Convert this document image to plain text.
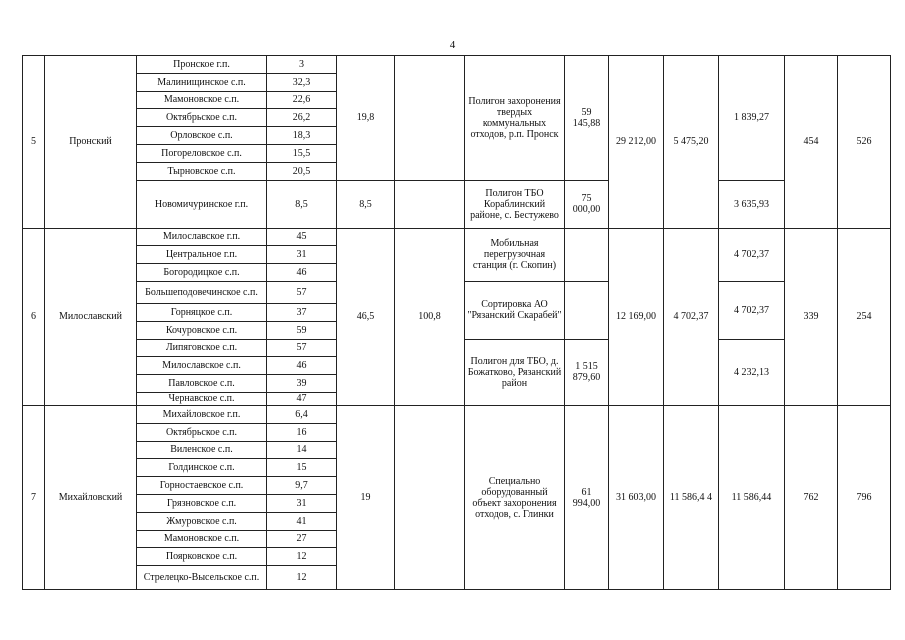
4
5	Пронский	Пронское г.п.	3	19,8		Полигон захоронения твердых коммунальных отходов, р.п. Пронск	59 145,88	29 212,00	5 475,20	1 839,27	454	526
		Малинищинское с.п.	32,3									
		Мамоновское с.п.	22,6									
		Октябрьское с.п.	26,2									
		Орловское с.п.	18,3									
		Погореловское с.п.	15,5									
		Тырновское с.п.	20,5									
		Новомичуринское г.п.	8,5	8,5		Полигон ТБО Кораблинский районе, с. Бестужево	75 000,00			3 635,93		
6	Милославский	Милославское г.п.	45	46,5	100,8	Мобильная перегрузочная станция (г. Скопин)		12 169,00	4 702,37	4 702,37	339	254
		Центральное г.п.	31									
		Богородицкое с.п.	46									
		Большеподовечинское с.п.	57			Сортировка АО "Рязанский Скарабей"				4 702,37		
		Горняцкое с.п.	37									
		Кочуровское с.п.	59									
		Липяговское с.п.	57			Полигон для ТБО, д. Божатково, Рязанский район	1 515 879,60			4 232,13		
		Милославское с.п.	46									
		Павловское с.п.	39									
		Чернавское с.п.	47									
7	Михайловский	Михайловское г.п.	6,4	19		Специально оборудованный объект захоронения отходов, с. Глинки	61 994,00	31 603,00	11 586,4 4	11 586,44	762	796
		Октябрьское с.п.	16									
		Виленское с.п.	14									
		Голдинское с.п.	15									
		Горностаевское с.п.	9,7									
		Грязновское с.п.	31									
		Жмуровское с.п.	41									
		Мамоновское с.п.	27									
		Поярковское с.п.	12									
		Стрелецко-Высельское с.п.	12									
